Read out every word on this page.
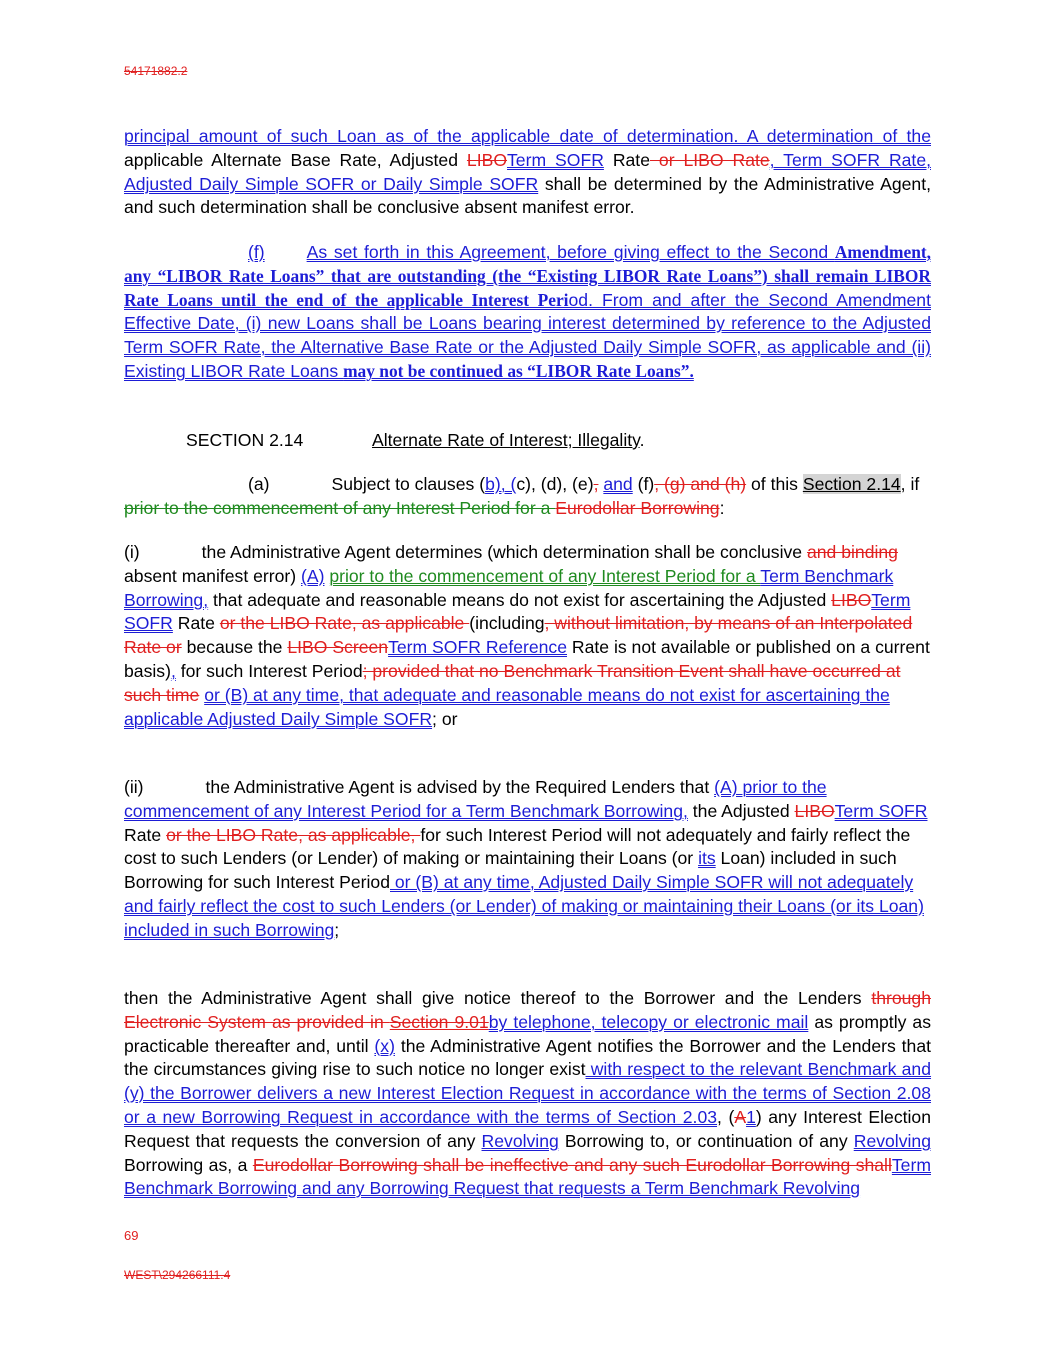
54171882.2

principal amount of such Loan as of the applicable date of determination. A determination of the applicable Alternate Base Rate, Adjusted LIBOTerm SOFR Rate or LIBO Rate, Term SOFR Rate, Adjusted Daily Simple SOFR or Daily Simple SOFR shall be determined by the Administrative Agent, and such determination shall be conclusive absent manifest error.

(f) As set forth in this Agreement, before giving effect to the Second Amendment, any “LIBOR Rate Loans” that are outstanding (the “Existing LIBOR Rate Loans”) shall remain LIBOR Rate Loans until the end of the applicable Interest Period. From and after the Second Amendment Effective Date, (i) new Loans shall be Loans bearing interest determined by reference to the Adjusted Term SOFR Rate, the Alternative Base Rate or the Adjusted Daily Simple SOFR, as applicable and (ii) Existing LIBOR Rate Loans may not be continued as “LIBOR Rate Loans”.

SECTION 2.14	Alternate Rate of Interest; Illegality.

(a)	Subject to clauses (b), (c), (d), (e), and (f), (g) and (h) of this Section 2.14, if prior to the commencement of any Interest Period for a Eurodollar Borrowing:

(i)	the Administrative Agent determines (which determination shall be conclusive and binding absent manifest error) (A) prior to the commencement of any Interest Period for a Term Benchmark Borrowing, that adequate and reasonable means do not exist for ascertaining the Adjusted LIBOTerm SOFR Rate or the LIBO Rate, as applicable (including, without limitation, by means of an Interpolated Rate or because the LIBO ScreenTerm SOFR Reference Rate is not available or published on a current basis), for such Interest Period; provided that no Benchmark Transition Event shall have occurred at such time or (B) at any time, that adequate and reasonable means do not exist for ascertaining the applicable Adjusted Daily Simple SOFR; or

(ii)	the Administrative Agent is advised by the Required Lenders that (A) prior to the commencement of any Interest Period for a Term Benchmark Borrowing, the Adjusted LIBOTerm SOFR Rate or the LIBO Rate, as applicable, for such Interest Period will not adequately and fairly reflect the cost to such Lenders (or Lender) of making or maintaining their Loans (or its Loan) included in such Borrowing for such Interest Period or (B) at any time, Adjusted Daily Simple SOFR will not adequately and fairly reflect the cost to such Lenders (or Lender) of making or maintaining their Loans (or its Loan) included in such Borrowing;

then the Administrative Agent shall give notice thereof to the Borrower and the Lenders through Electronic System as provided in Section 9.01by telephone, telecopy or electronic mail as promptly as practicable thereafter and, until (x) the Administrative Agent notifies the Borrower and the Lenders that the circumstances giving rise to such notice no longer exist with respect to the relevant Benchmark and (y) the Borrower delivers a new Interest Election Request in accordance with the terms of Section 2.08 or a new Borrowing Request in accordance with the terms of Section 2.03, (A1) any Interest Election Request that requests the conversion of any Revolving Borrowing to, or continuation of any Revolving Borrowing as, a Eurodollar Borrowing shall be ineffective and any such Eurodollar Borrowing shallTerm Benchmark Borrowing and any Borrowing Request that requests a Term Benchmark Revolving

69
WEST\294266111.4
